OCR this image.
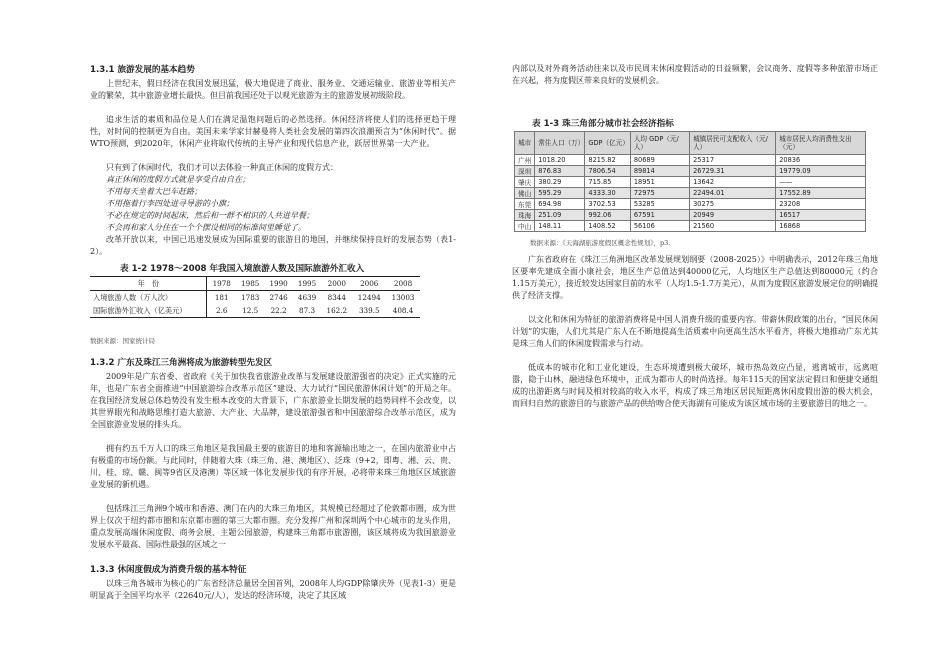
1.3.1 旅游发展的基本趋势

上世纪末，假日经济在我国发展迅猛，极大地促进了商业、服务业、交通运输业、旅游业等相关产业的繁荣，其中旅游业增长最快。但目前我国还处于以观光旅游为主的旅游发展初级阶段。

追求生活的素质和品位是人们在满足温饱问题后的必然选择。休闲经济将使人们的选择更趋于理性，对时间的控制更为自由。美国未来学家甘赫曼将人类社会发展的第四次浪潮预言为“休闲时代”。据WTO预测，到2020年，休闲产业将取代传统的主导产业和现代信息产业，跃居世界第一大产业。

只有到了休闲时代，我们才可以去体验一种真正休闲的度假方式：

真正休闲的度假方式就是享受自由自在；
不用每天坐着大巴车赶路；
不用拖着行李四处进寻导游的小旗；
不必在规定的时间起床，然后和一群不相识的人共进早餐；
不会再和家人分住在一个个摆设相同的标准间里睡觉了。

改革开放以来，中国已迅速发展成为国际重要的旅游目的地国，并继续保持良好的发展态势（表1-2）。

表 1-2 1978～2008 年我国入境旅游人数及国际旅游外汇收入
年　份	1978	1985	1990	1995	2000	2006	2008
入境旅游人数（万人次）	181	1783	2746	4639	8344	12494	13003
国际旅游外汇收入（亿美元）	2.6	12.5	22.2	87.3	162.2	339.5	408.4
数据来源：国家统计局
1.3.2 广东及珠江三角洲将成为旅游转型先发区

2009年是广东省委、省政府《关于加快我省旅游业改革与发展建设旅游强省的决定》正式实施的元年，也是广东省全面推进“中国旅游综合改革示范区”建设、大力试行“国民旅游休闲计划”的开局之年。在我国经济发展总体趋势没有发生根本改变的大背景下，广东旅游业长期发展的趋势同样不会改变，以其世界眼光和战略思维打造大旅游、大产业、大品牌，建设旅游强省和中国旅游综合改革示范区，成为全国旅游业发展的排头兵。

拥有约五千万人口的珠三角地区是我国最主要的旅游目的地和客源输出地之一，在国内旅游业中占有极重的市场份额。与此同时，伴随着大珠（珠三角、港、澳地区）、泛珠（9+2，即粤、湘、云、贵、川、桂、琼、赣、闽等9省区及港澳）等区域一体化发展步伐的有序开展，必将带来珠三角地区区域旅游业发展的新机遇。

包括珠江三角洲9个城市和香港、澳门在内的大珠三角地区，其规模已经超过了伦敦都市圈，成为世界上仅次于纽约都市圈和东京都市圈的第三大都市圈。充分发挥广州和深圳两个中心城市的龙头作用，重点发展高端休闲度假、商务会展、主题公园旅游，构建珠三角都市旅游圈，该区域将成为我国旅游业发展水平最高、国际性最强的区域之一

1.3.3 休闲度假成为消费升级的基本特征

以珠三角各城市为核心的广东省经济总量居全国首列，2008年人均GDP除肇庆外（见表1-3）更是明显高于全国平均水平（22640元/人），发达的经济环境，决定了其区域

内部以及对外商务活动往来以及市民周末休闲度假活动的日益频繁，会议商务、度假等多种旅游市场正在兴起，将为度假区带来良好的发展机会。

表 1-3 珠三角部分城市社会经济指标
城市	常住人口（万）	GDP（亿元）	人均 GDP（元/人）	城镇居民可支配收入（元/人）	城市居民人均消费性支出（元）
广州	1018.20	8215.82	80689	25317	20836
深圳	876.83	7806.54	89814	26729.31	19779.09
肇庆	380.29	715.85	18951	13642	——
佛山	595.29	4333.30	72975	22494.01	17552.89
东莞	694.98	3702.53	53285	30275	23208
珠海	251.09	992.06	67591	20949	16517
中山	148.11	1408.52	56106	21560	16868
数据来源：《天海湖旅游度假区概念性规划》，p3.

广东省政府在《珠江三角洲地区改革发展规划纲要（2008-2025）》中明确表示，2012年珠三角地区要率先建成全面小康社会，地区生产总值达到40000亿元，人均地区生产总值达到80000元（约合1.15万美元），接近较发达国家目前的水平（人均1.5-1.7万美元），从而为度假区旅游发展定位的明确提供了经济支撑。

以文化和休闲为特征的旅游消费将是中国人消费升级的重要内容。带薪休假政策的出台，“国民休闲计划”的实施，人们尤其是广东人在不断地提高生活质素中向更高生活水平看齐，将极大地推动广东尤其是珠三角人们的休闲度假需求与行动。

低成本的城市化和工业化建设，生态环境遭到极大破坏，城市热岛效应凸显，逃离城市，远离喧嚣，隐于山林，融进绿色环境中，正成为都市人的时尚选择。每年115天的国家法定假日和便捷交通组成的出游距离与时间及相对较高的收入水平，构成了珠三角地区居民短距离休闲度假出游的极大机会，而回归自然的旅游目的与旅游产品的供给吻合使天海湖有可能成为该区域市场的主要旅游目的地之一。
